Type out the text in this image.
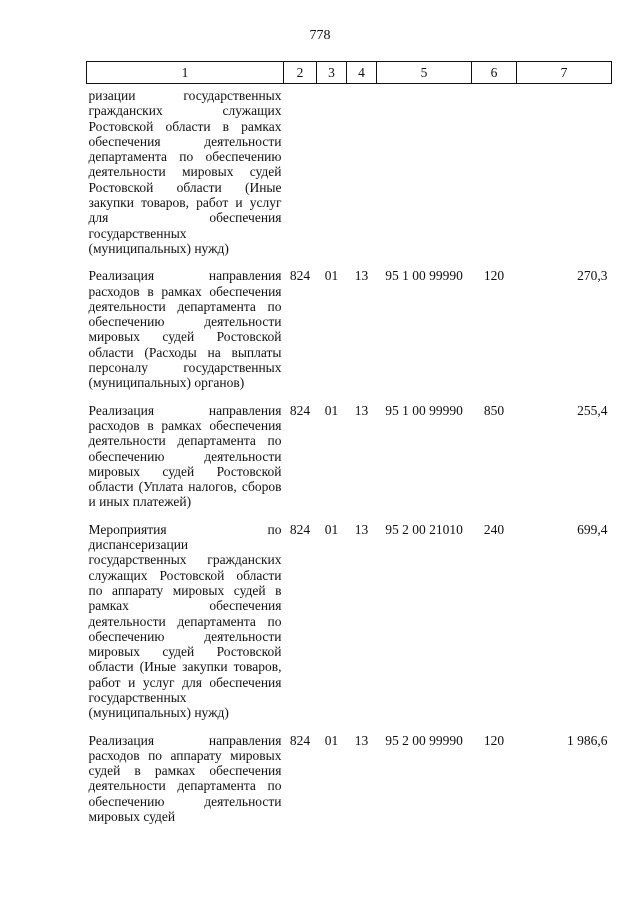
778
1	2	3	4	5	6	7
ризации государственных гражданских служащих Ростовской области в рамках обеспечения деятельности департамента по обеспечению деятельности мировых судей Ростовской области (Иные закупки товаров, работ и услуг для обеспечения государственных (муниципальных) нужд)						
Реализация направления расходов в рамках обеспечения деятельности департамента по обеспечению деятельности мировых судей Ростовской области (Расходы на выплаты персоналу государственных (муниципальных) органов)	824	01	13	95 1 00 99990	120	270,3
Реализация направления расходов в рамках обеспечения деятельности департамента по обеспечению деятельности мировых судей Ростовской области (Уплата налогов, сборов и иных платежей)	824	01	13	95 1 00 99990	850	255,4
Мероприятия по диспансеризации государственных гражданских служащих Ростовской области по аппарату мировых судей в рамках обеспечения деятельности департамента по обеспечению деятельности мировых судей Ростовской области (Иные закупки товаров, работ и услуг для обеспечения государственных (муниципальных) нужд)	824	01	13	95 2 00 21010	240	699,4
Реализация направления расходов по аппарату мировых судей в рамках обеспечения деятельности департамента по обеспечению деятельности мировых судей	824	01	13	95 2 00 99990	120	1 986,6
